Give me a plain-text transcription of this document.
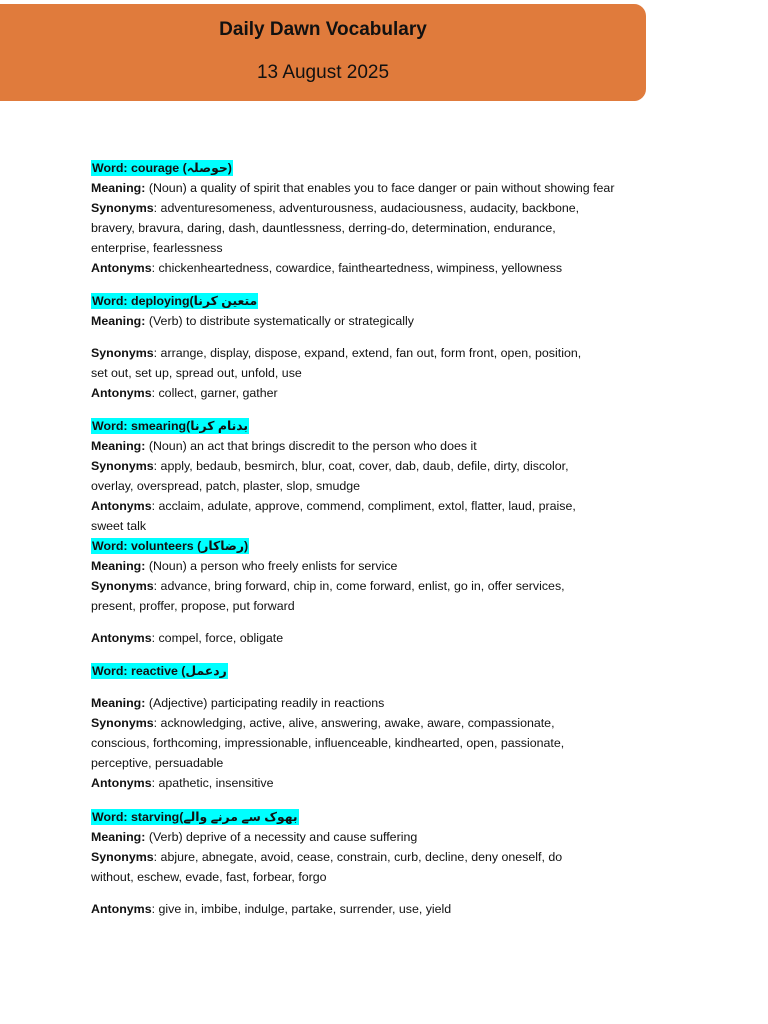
Daily Dawn Vocabulary
13 August 2025
Word: courage (حوصلہ)
Meaning: (Noun) a quality of spirit that enables you to face danger or pain without showing fear
Synonyms: adventuresomeness, adventurousness, audaciousness, audacity, backbone,
bravery, bravura, daring, dash, dauntlessness, derring-do, determination, endurance,
enterprise, fearlessness
Antonyms: chickenheartedness, cowardice, faintheartedness, wimpiness, yellowness
Word: deploying(متعین کرنا
Meaning: (Verb) to distribute systematically or strategically
Synonyms: arrange, display, dispose, expand, extend, fan out, form front, open, position,
set out, set up, spread out, unfold, use
Antonyms: collect, garner, gather
Word: smearing(بدنام کرنا
Meaning: (Noun) an act that brings discredit to the person who does it
Synonyms: apply, bedaub, besmirch, blur, coat, cover, dab, daub, defile, dirty, discolor,
overlay, overspread, patch, plaster, slop, smudge
Antonyms: acclaim, adulate, approve, commend, compliment, extol, flatter, laud, praise,
sweet talk
Word: volunteers (رضاکار)
Meaning: (Noun) a person who freely enlists for service
Synonyms: advance, bring forward, chip in, come forward, enlist, go in, offer services,
present, proffer, propose, put forward
Antonyms: compel, force, obligate
Word: reactive (ردعمل
Meaning: (Adjective) participating readily in reactions
Synonyms: acknowledging, active, alive, answering, awake, aware, compassionate,
conscious, forthcoming, impressionable, influenceable, kindhearted, open, passionate,
perceptive, persuadable
Antonyms: apathetic, insensitive
Word: starving(بھوک سے مرنے والے
Meaning: (Verb) deprive of a necessity and cause suffering
Synonyms: abjure, abnegate, avoid, cease, constrain, curb, decline, deny oneself, do
without, eschew, evade, fast, forbear, forgo
Antonyms: give in, imbibe, indulge, partake, surrender, use, yield
